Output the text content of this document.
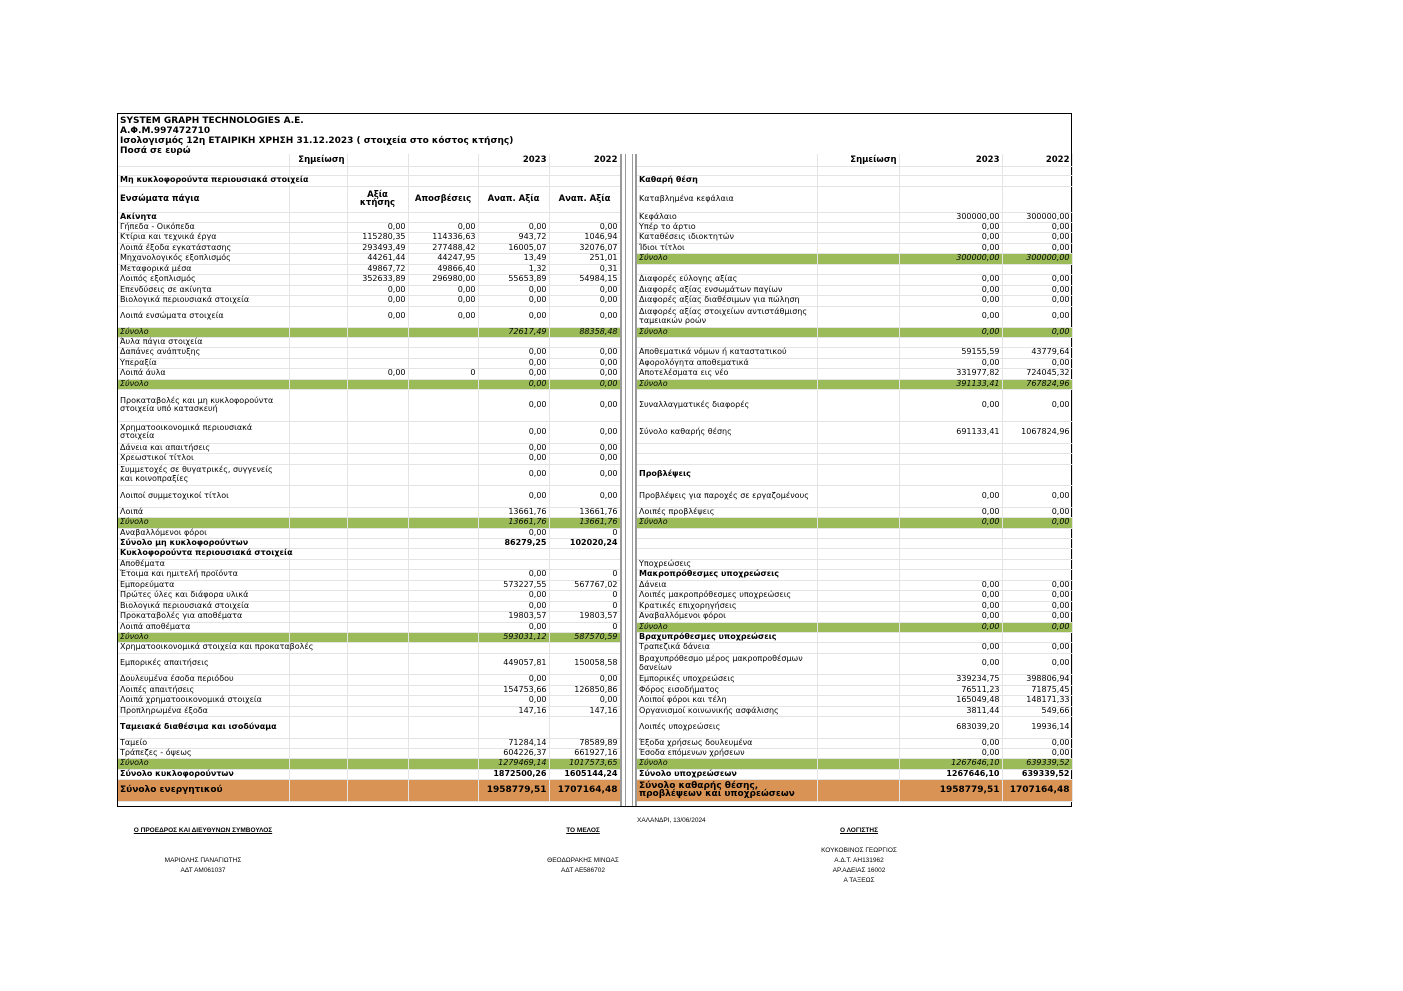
SYSTEM GRAPH TECHNOLOGIES A.E.
Α.Φ.Μ.997472710
Ισολογισμός 12η ΕΤΑΙΡΙΚΗ ΧΡΗΣΗ 31.12.2023 ( στοιχεία στο κόστος κτήσης)
Ποσά σε ευρώ
	Σημείωση			2023	2022

Μη κυκλοφορούντα περιουσιακά στοιχεία					
Ενσώματα πάγια		Αξία κτήσης	Αποσβέσεις	Αναπ. Αξία	Αναπ. Αξία
Ακίνητα					
Γήπεδα - Οικόπεδα		0,00	0,00	0,00	0,00
Κτίρια και τεχνικά έργα		115280,35	114336,63	943,72	1046,94
Λοιπά έξοδα εγκατάστασης		293493,49	277488,42	16005,07	32076,07
Μηχανολογικός εξοπλισμός		44261,44	44247,95	13,49	251,01
Μεταφορικά μέσα		49867,72	49866,40	1,32	0,31
Λοιπός εξοπλισμός		352633,89	296980,00	55653,89	54984,15
Επενδύσεις σε ακίνητα		0,00	0,00	0,00	0,00
Βιολογικά περιουσιακά στοιχεία		0,00	0,00	0,00	0,00
Λοιπά ενσώματα στοιχεία		0,00	0,00	0,00	0,00
Σύνολο				72617,49	88358,48
Άυλα πάγια στοιχεία					
Δαπάνες ανάπτυξης				0,00	0,00
Υπεραξία				0,00	0,00
Λοιπά άυλα		0,00	0	0,00	0,00
Σύνολο				0,00	0,00
Προκαταβολές και μη κυκλοφορούντα στοιχεία υπό κατασκευή				0,00	0,00
Χρηματοοικονομικά περιουσιακά στοιχεία				0,00	0,00
Δάνεια και απαιτήσεις				0,00	0,00
Χρεωστικοί τίτλοι				0,00	0,00
Συμμετοχές σε θυγατρικές, συγγενείς και κοινοπραξίες				0,00	0,00
Λοιποί συμμετοχικοί τίτλοι				0,00	0,00
Λοιπά				13661,76	13661,76
Σύνολο				13661,76	13661,76
Αναβαλλόμενοι φόροι				0,00	0
Σύνολο μη κυκλοφορούντων				86279,25	102020,24
Κυκλοφορούντα περιουσιακά στοιχεία					
Αποθέματα					
Έτοιμα και ημιτελή προϊόντα				0,00	0
Εμπορεύματα				573227,55	567767,02
Πρώτες ύλες και διάφορα υλικά				0,00	0
Βιολογικά περιουσιακά στοιχεία				0,00	0
Προκαταβολές για αποθέματα				19803,57	19803,57
Λοιπά αποθέματα				0,00	0
Σύνολο				593031,12	587570,59
Χρηματοοικονομικά στοιχεία και προκαταβολές					
Εμπορικές απαιτήσεις				449057,81	150058,58
Δουλευμένα έσοδα περιόδου				0,00	0,00
Λοιπές απαιτήσεις				154753,66	126850,86
Λοιπά χρηματοοικονομικά στοιχεία				0,00	0,00
Προπληρωμένα έξοδα				147,16	147,16
Ταμειακά διαθέσιμα και ισοδύναμα					
Ταμείο				71284,14	78589,89
Τράπεζες - όψεως				604226,37	661927,16
Σύνολο				1279469,14	1017573,65
Σύνολο κυκλοφορούντων				1872500,26	1605144,24
Σύνολο ενεργητικού				1958779,51	1707164,48
	Σημείωση	2023	2022

Καθαρή θέση			
Καταβλημένα κεφάλαια			
Κεφάλαιο		300000,00	300000,00
Υπέρ το άρτιο		0,00	0,00
Καταθέσεις ιδιοκτητών		0,00	0,00
Ίδιοι τίτλοι		0,00	0,00
Σύνολο		300000,00	300000,00

Διαφορές εύλογης αξίας		0,00	0,00
Διαφορές αξίας ενσωμάτων παγίων		0,00	0,00
Διαφορές αξίας διαθέσιμων για πώληση		0,00	0,00
Διαφορές αξίας στοιχείων αντιστάθμισης ταμειακών ροών		0,00	0,00
Σύνολο		0,00	0,00

Αποθεματικά νόμων ή καταστατικού		59155,59	43779,64
Αφορολόγητα αποθεματικά		0,00	0,00
Αποτελέσματα εις νέο		331977,82	724045,32
Σύνολο		391133,41	767824,96
Συναλλαγματικές διαφορές		0,00	0,00
Σύνολο καθαρής θέσης		691133,41	1067824,96

Προβλέψεις			
Προβλέψεις για παροχές σε εργαζομένους		0,00	0,00
Λοιπές προβλέψεις		0,00	0,00
Σύνολο		0,00	0,00

Υποχρεώσεις			
Μακροπρόθεσμες υποχρεώσεις			
Δάνεια		0,00	0,00
Λοιπές μακροπρόθεσμες υποχρεώσεις		0,00	0,00
Κρατικές επιχορηγήσεις		0,00	0,00
Αναβαλλόμενοι φόροι		0,00	0,00
Σύνολο		0,00	0,00
Βραχυπρόθεσμες υποχρεώσεις			
Τραπεζικά δάνεια		0,00	0,00
Βραχυπρόθεσμο μέρος μακροπροθέσμων δανείων		0,00	0,00
Εμπορικές υποχρεώσεις		339234,75	398806,94
Φόρος εισοδήματος		76511,23	71875,45
Λοιποί φόροι και τέλη		165049,48	148171,33
Οργανισμοί κοινωνικής ασφάλισης		3811,44	549,66
Λοιπές υποχρεώσεις		683039,20	19936,14
Έξοδα χρήσεως δουλευμένα		0,00	0,00
Έσοδα επόμενων χρήσεων		0,00	0,00
Σύνολο		1267646,10	639339,52
Σύνολο υποχρεώσεων		1267646,10	639339,52
Σύνολο καθαρής θέσης, προβλέψεων και υποχρεώσεων		1958779,51	1707164,48
ΧΑΛΑΝΔΡΙ, 13/06/2024
Ο ΠΡΟΕΔΡΟΣ ΚΑΙ ΔΙΕΥΘΥΝΩΝ ΣΥΜΒΟΥΛΟΣ
ΜΑΡΙΟΛΗΣ ΠΑΝΑΓΙΩΤΗΣ
ΑΔΤ ΑΜ061037
ΤΟ ΜΕΛΟΣ
ΘΕΟΔΩΡΑΚΗΣ ΜΙΝΩΑΣ
ΑΔΤ ΑΕ586702
Ο ΛΟΓΙΣΤΗΣ
ΚΟΥΚΟΒΙΝΟΣ ΓΕΩΡΓΙΟΣ
Α.Δ.Τ. ΑΗ131962
ΑΡ.ΑΔΕΙΑΣ 16002
Α ΤΑΞΕΩΣ
